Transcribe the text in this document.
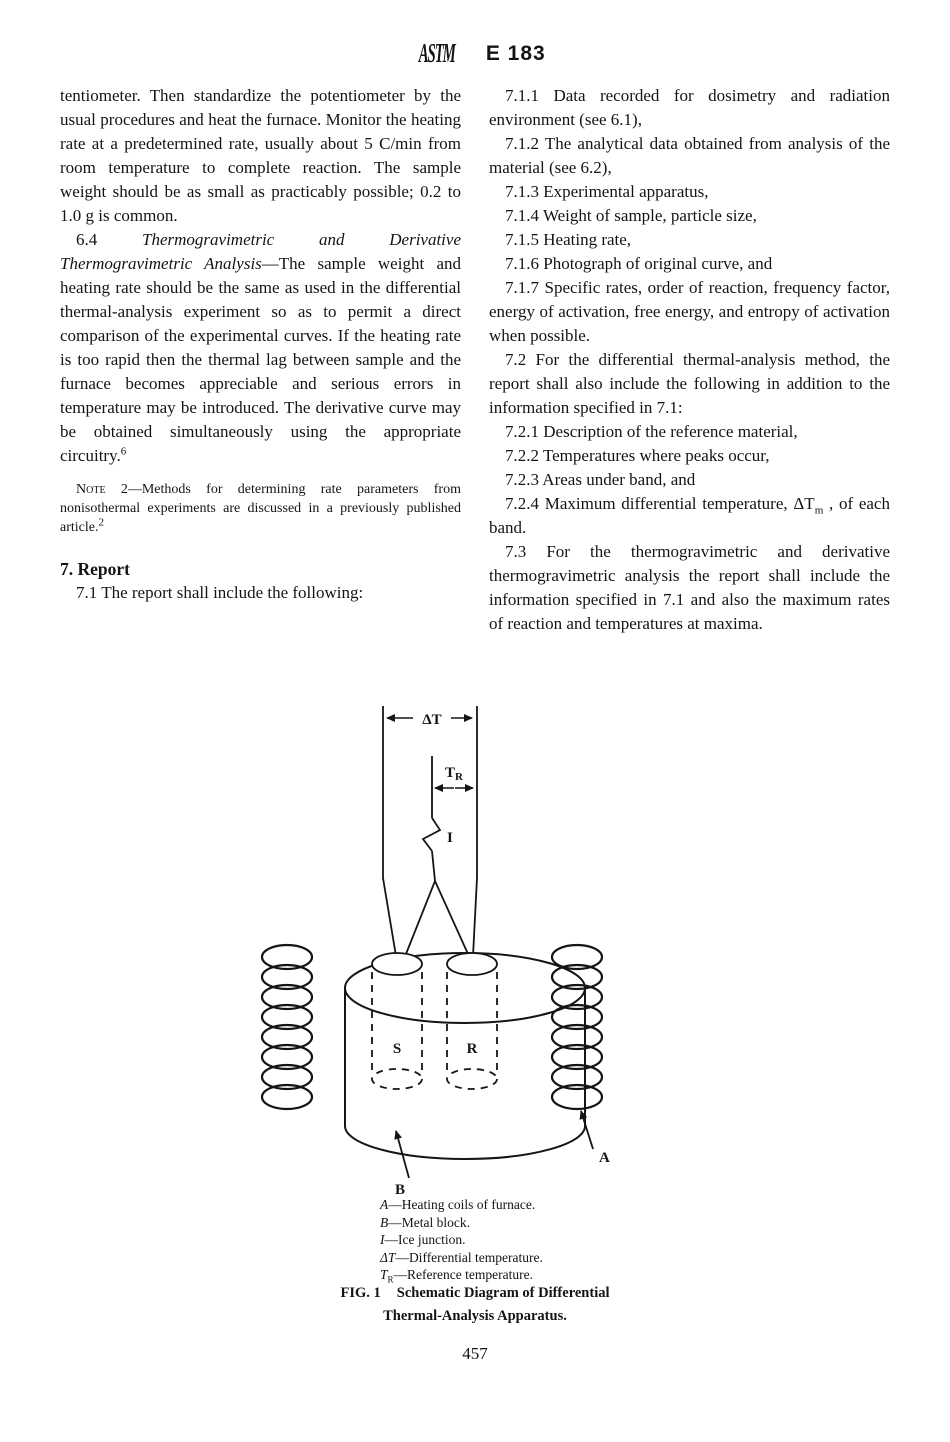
ASTM E 183

tentiometer. Then standardize the potentiometer by the usual procedures and heat the furnace. Monitor the heating rate at a predetermined rate, usually about 5 C/min from room temperature to complete reaction. The sample weight should be as small as practicably possible; 0.2 to 1.0 g is common.

6.4 Thermogravimetric and Derivative Thermogravimetric Analysis—The sample weight and heating rate should be the same as used in the differential thermal-analysis experiment so as to permit a direct comparison of the experimental curves. If the heating rate is too rapid then the thermal lag between sample and the furnace becomes appreciable and serious errors in temperature may be introduced. The derivative curve may be obtained simultaneously using the appropriate circuitry.$^6$

Note 2—Methods for determining rate parameters from nonisothermal experiments are discussed in a previously published article.$^2$

7. Report

7.1 The report shall include the following:

7.1.1 Data recorded for dosimetry and radiation environment (see 6.1),

7.1.2 The analytical data obtained from analysis of the material (see 6.2),

7.1.3 Experimental apparatus,

7.1.4 Weight of sample, particle size,

7.1.5 Heating rate,

7.1.6 Photograph of original curve, and

7.1.7 Specific rates, order of reaction, frequency factor, energy of activation, free energy, and entropy of activation when possible.

7.2 For the differential thermal-analysis method, the report shall also include the following in addition to the information specified in 7.1:

7.2.1 Description of the reference material,

7.2.2 Temperatures where peaks occur,

7.2.3 Areas under band, and

7.2.4 Maximum differential temperature, $\Delta T_m$ , of each band.

7.3 For the thermogravimetric and derivative thermogravimetric analysis the report shall include the information specified in 7.1 and also the maximum rates of reaction and temperatures at maxima.

ΔT
$T_R$
I
S	R
A
B
A—Heating coils of furnace.
B—Metal block.
I—Ice junction.
ΔT—Differential temperature.
$T_R—Reference$ temperature.
FIG. 1 Schematic Diagram of Differential
Thermal-Analysis Apparatus.
457
